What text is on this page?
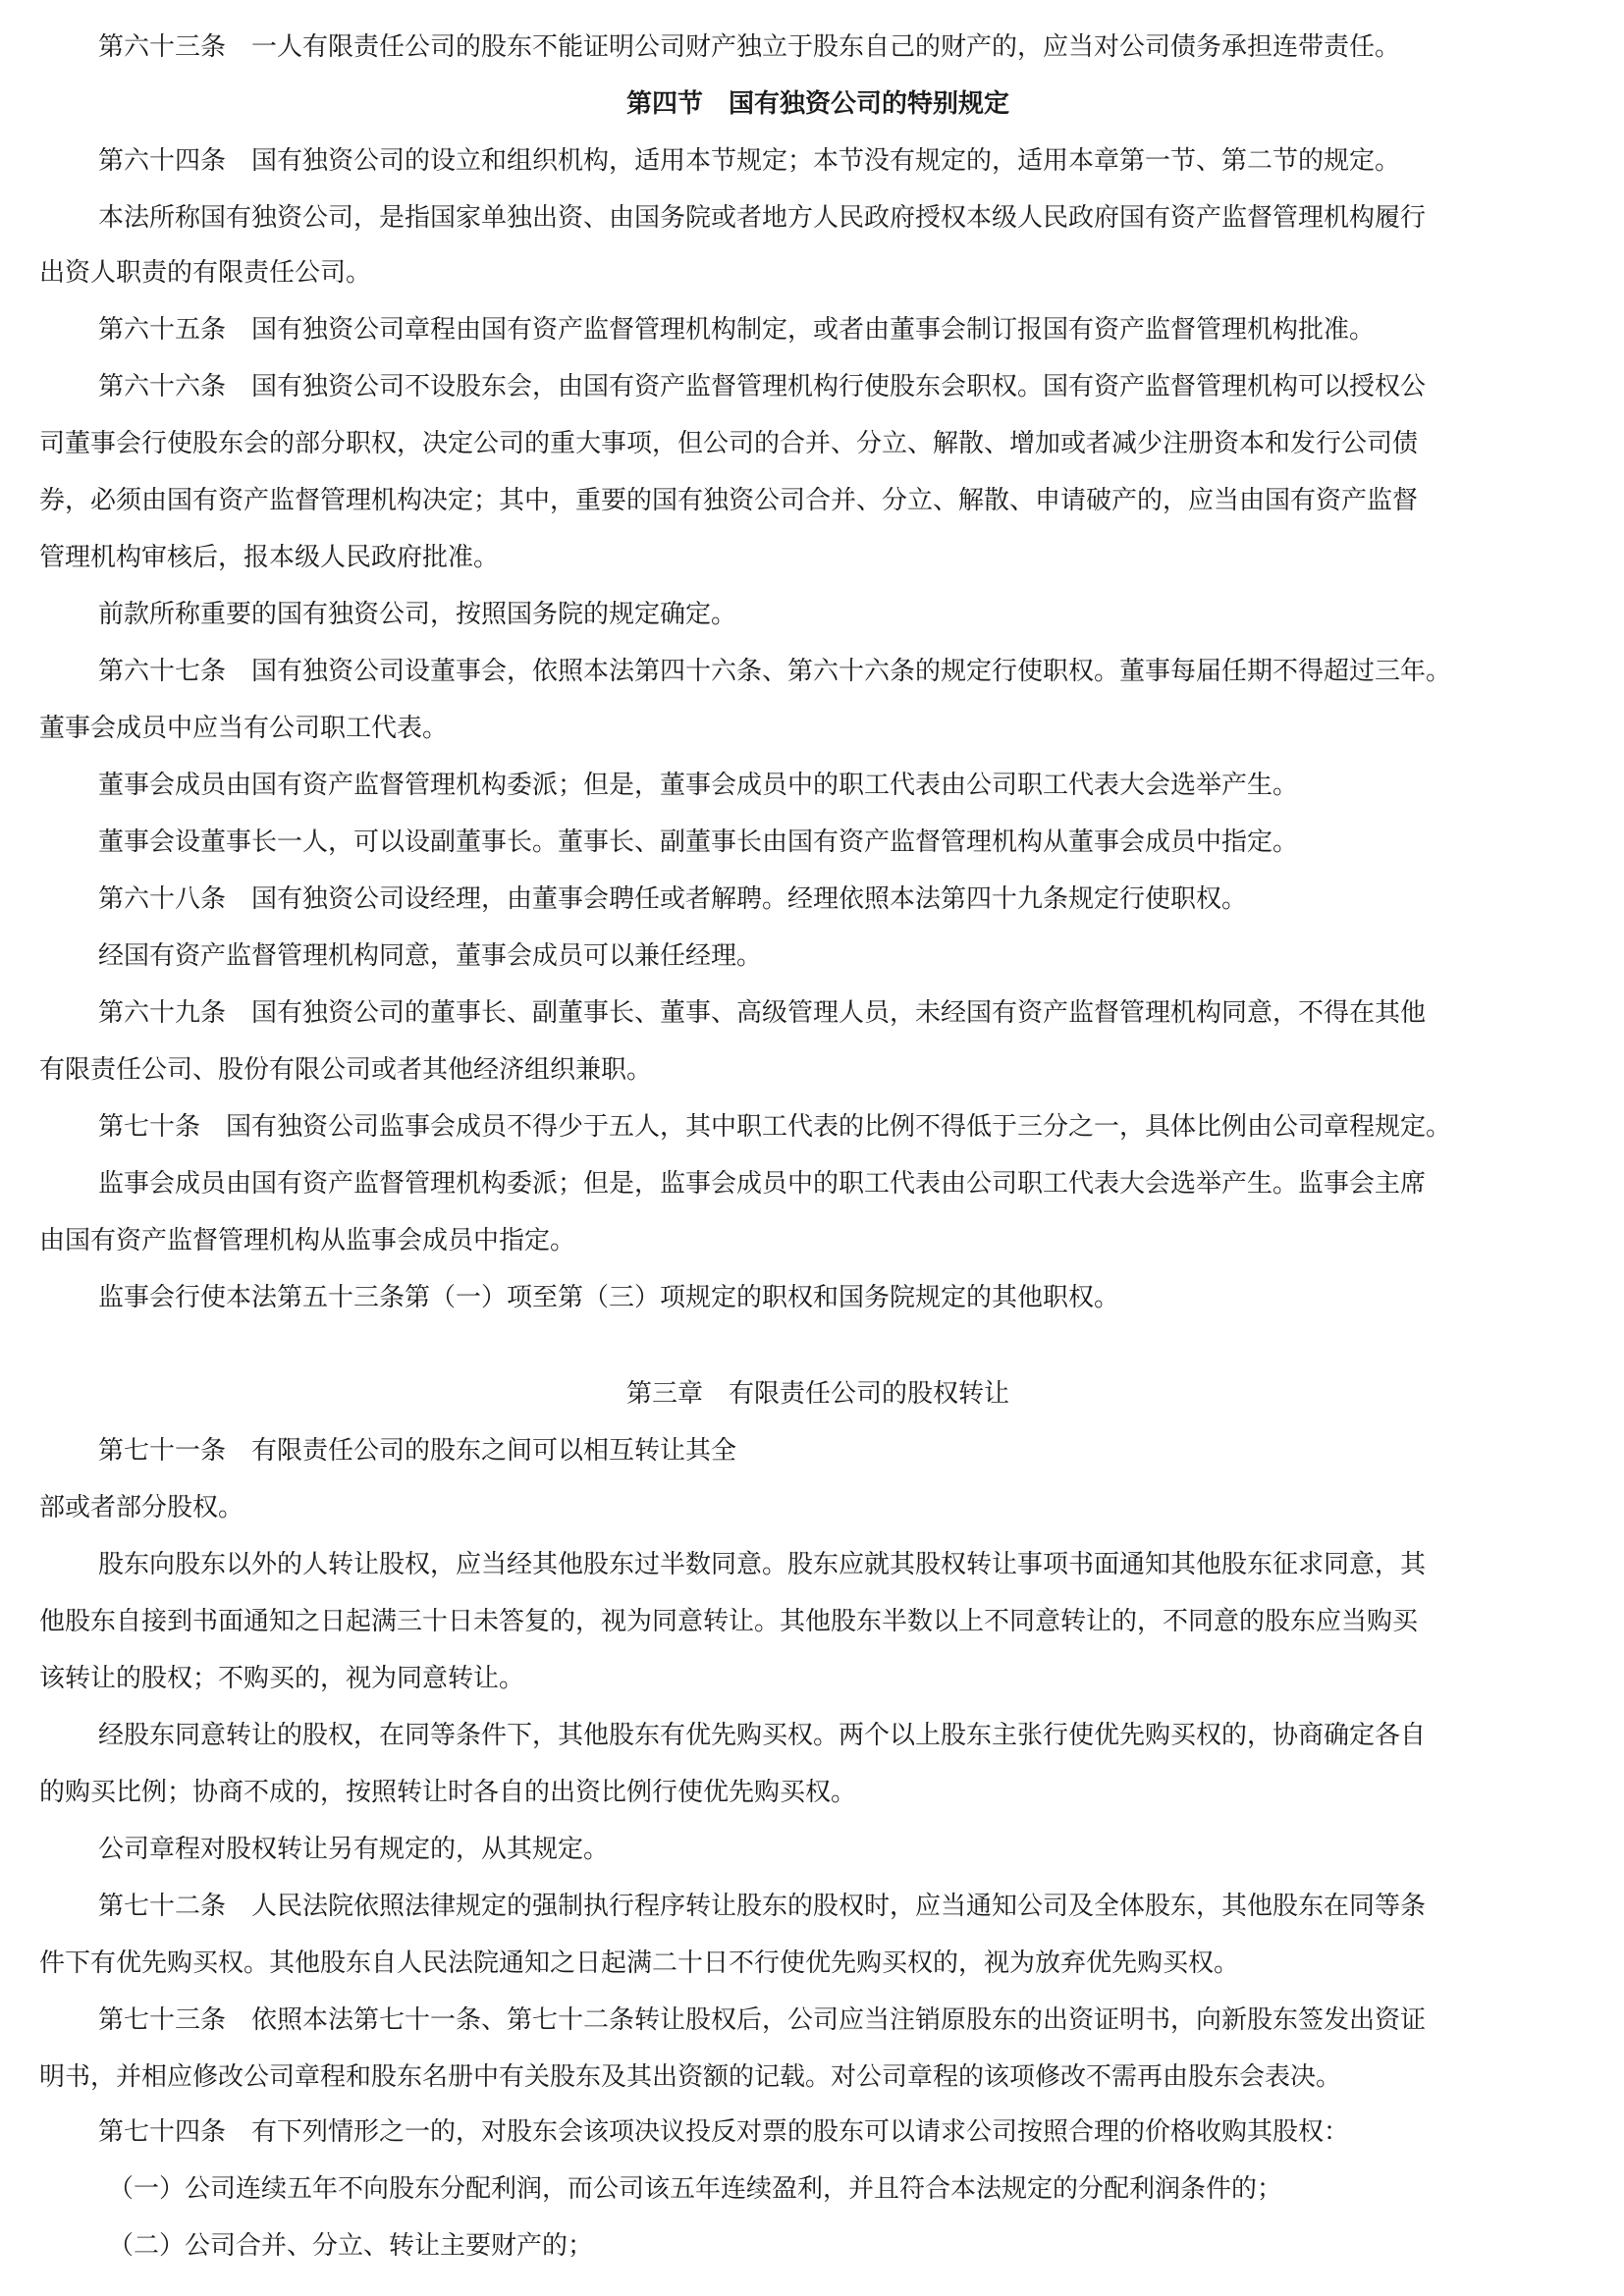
第六十三条　一人有限责任公司的股东不能证明公司财产独立于股东自己的财产的，应当对公司债务承担连带责任。
第四节　国有独资公司的特别规定
第六十四条　国有独资公司的设立和组织机构，适用本节规定；本节没有规定的，适用本章第一节、第二节的规定。
本法所称国有独资公司，是指国家单独出资、由国务院或者地方人民政府授权本级人民政府国有资产监督管理机构履行
出资人职责的有限责任公司。
第六十五条　国有独资公司章程由国有资产监督管理机构制定，或者由董事会制订报国有资产监督管理机构批准。
第六十六条　国有独资公司不设股东会，由国有资产监督管理机构行使股东会职权。国有资产监督管理机构可以授权公
司董事会行使股东会的部分职权，决定公司的重大事项，但公司的合并、分立、解散、增加或者减少注册资本和发行公司债
券，必须由国有资产监督管理机构决定；其中，重要的国有独资公司合并、分立、解散、申请破产的，应当由国有资产监督
管理机构审核后，报本级人民政府批准。
前款所称重要的国有独资公司，按照国务院的规定确定。
第六十七条　国有独资公司设董事会，依照本法第四十六条、第六十六条的规定行使职权。董事每届任期不得超过三年。
董事会成员中应当有公司职工代表。
董事会成员由国有资产监督管理机构委派；但是，董事会成员中的职工代表由公司职工代表大会选举产生。
董事会设董事长一人，可以设副董事长。董事长、副董事长由国有资产监督管理机构从董事会成员中指定。
第六十八条　国有独资公司设经理，由董事会聘任或者解聘。经理依照本法第四十九条规定行使职权。
经国有资产监督管理机构同意，董事会成员可以兼任经理。
第六十九条　国有独资公司的董事长、副董事长、董事、高级管理人员，未经国有资产监督管理机构同意，不得在其他
有限责任公司、股份有限公司或者其他经济组织兼职。
第七十条　国有独资公司监事会成员不得少于五人，其中职工代表的比例不得低于三分之一，具体比例由公司章程规定。
监事会成员由国有资产监督管理机构委派；但是，监事会成员中的职工代表由公司职工代表大会选举产生。监事会主席
由国有资产监督管理机构从监事会成员中指定。
监事会行使本法第五十三条第（一）项至第（三）项规定的职权和国务院规定的其他职权。
第三章　有限责任公司的股权转让
第七十一条　有限责任公司的股东之间可以相互转让其全
部或者部分股权。
股东向股东以外的人转让股权，应当经其他股东过半数同意。股东应就其股权转让事项书面通知其他股东征求同意，其
他股东自接到书面通知之日起满三十日未答复的，视为同意转让。其他股东半数以上不同意转让的，不同意的股东应当购买
该转让的股权；不购买的，视为同意转让。
经股东同意转让的股权，在同等条件下，其他股东有优先购买权。两个以上股东主张行使优先购买权的，协商确定各自
的购买比例；协商不成的，按照转让时各自的出资比例行使优先购买权。
公司章程对股权转让另有规定的，从其规定。
第七十二条　人民法院依照法律规定的强制执行程序转让股东的股权时，应当通知公司及全体股东，其他股东在同等条
件下有优先购买权。其他股东自人民法院通知之日起满二十日不行使优先购买权的，视为放弃优先购买权。
第七十三条　依照本法第七十一条、第七十二条转让股权后，公司应当注销原股东的出资证明书，向新股东签发出资证
明书，并相应修改公司章程和股东名册中有关股东及其出资额的记载。对公司章程的该项修改不需再由股东会表决。
第七十四条　有下列情形之一的，对股东会该项决议投反对票的股东可以请求公司按照合理的价格收购其股权：
（一）公司连续五年不向股东分配利润，而公司该五年连续盈利，并且符合本法规定的分配利润条件的；
（二）公司合并、分立、转让主要财产的；
